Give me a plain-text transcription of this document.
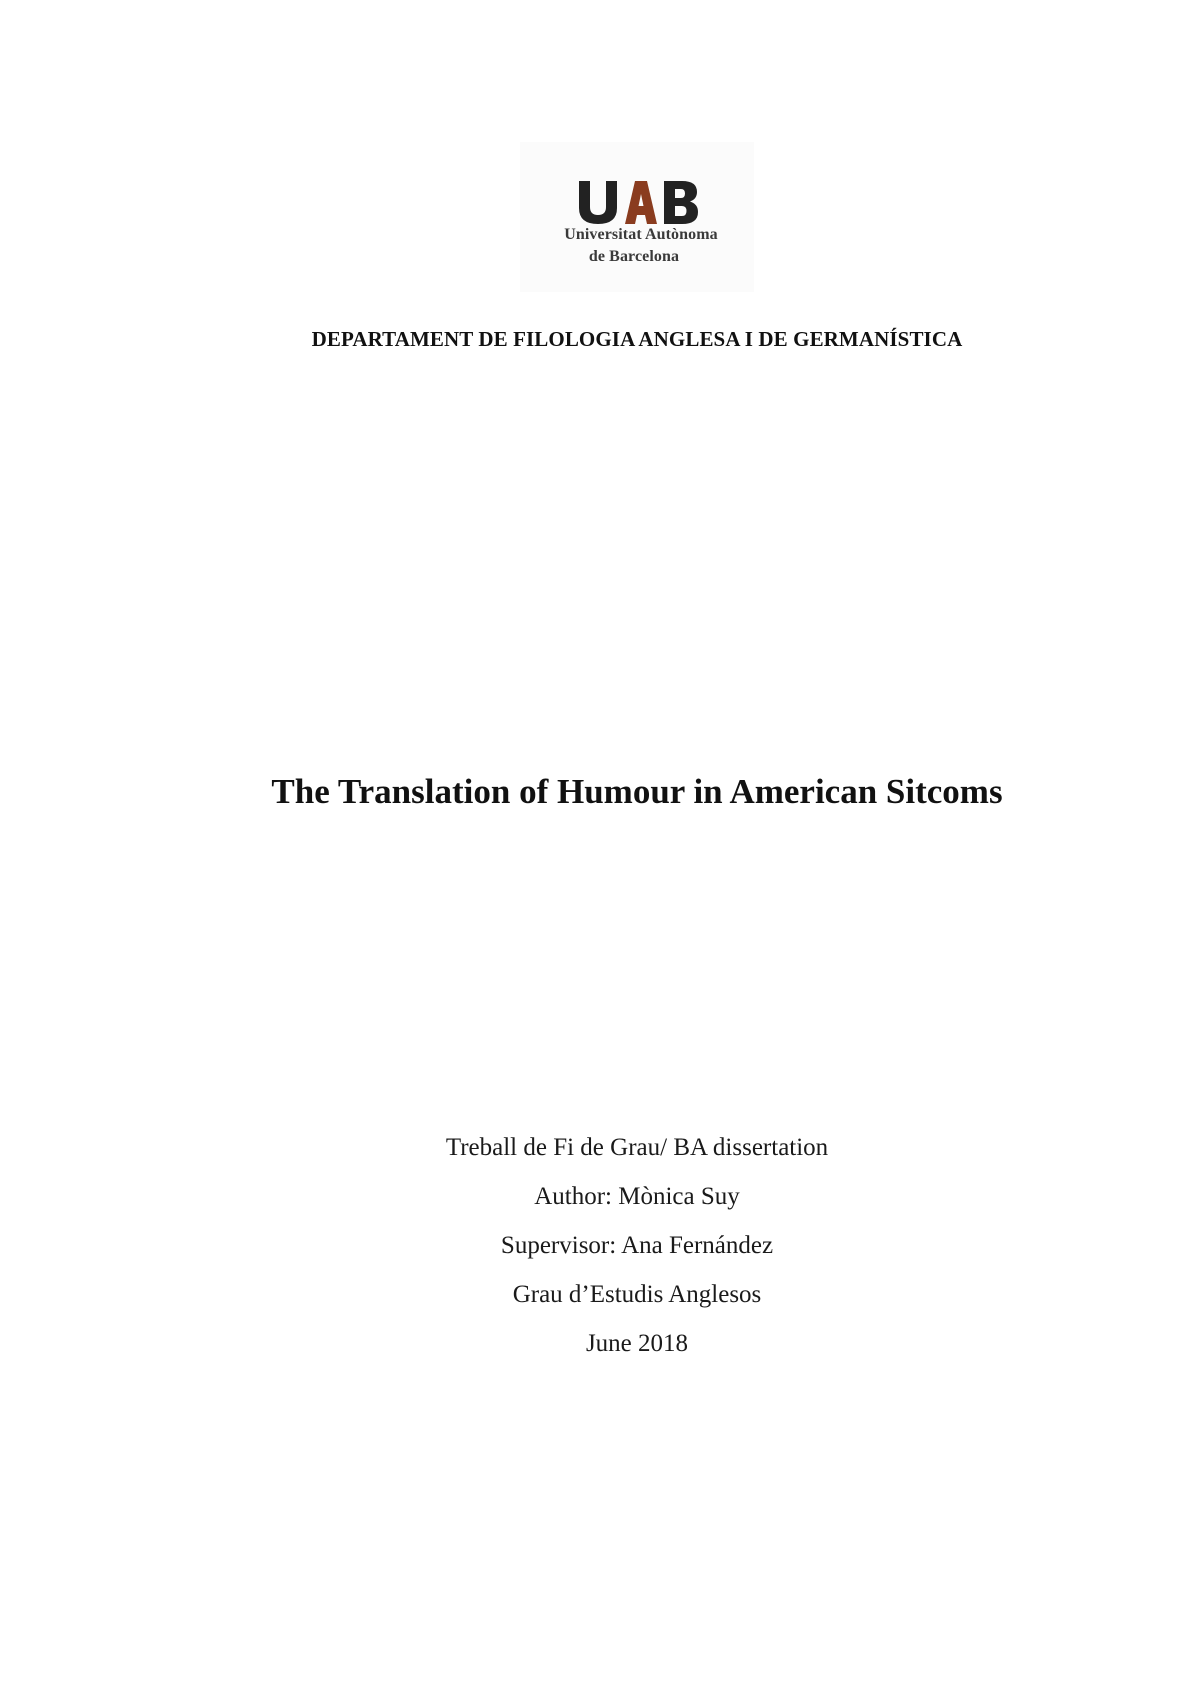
Universitat Autònoma
de Barcelona
DEPARTAMENT DE FILOLOGIA ANGLESA I DE GERMANÍSTICA
The Translation of Humour in American Sitcoms
Treball de Fi de Grau/ BA dissertation
Author: Mònica Suy
Supervisor: Ana Fernández
Grau d’Estudis Anglesos
June 2018
